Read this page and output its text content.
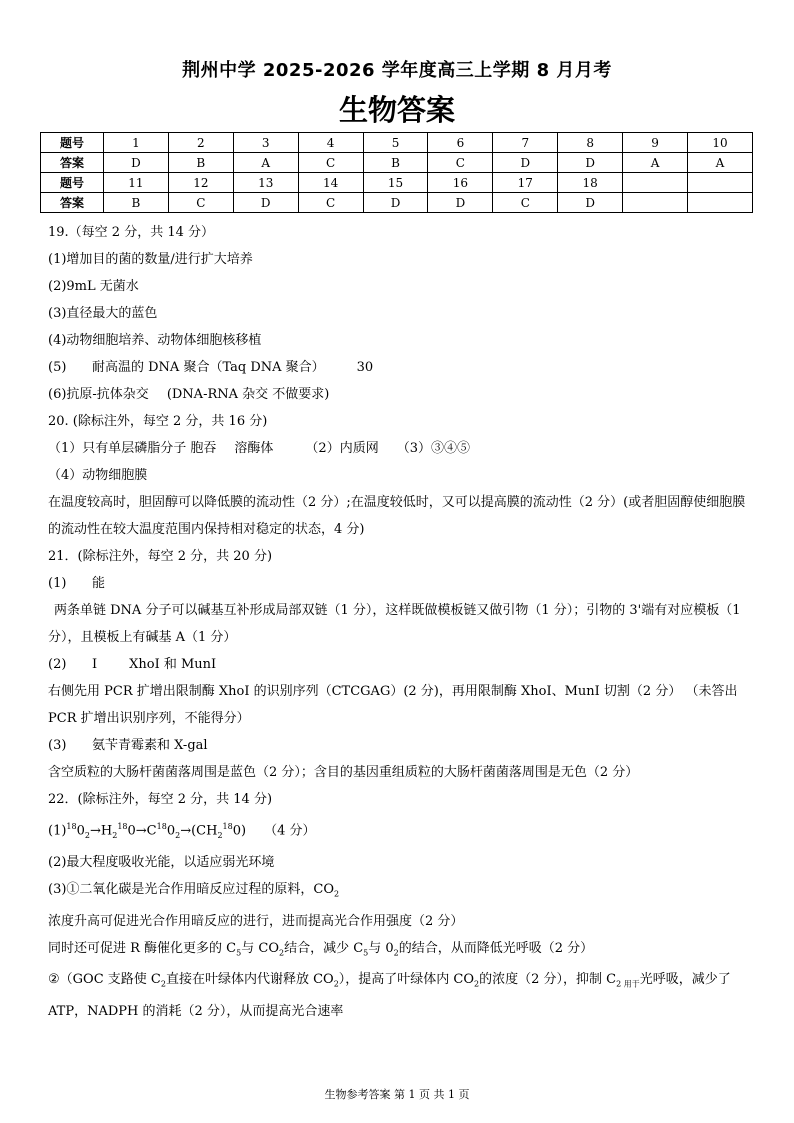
荆州中学 2025-2026 学年度高三上学期 8 月月考
生物答案
题号	1	2	3	4	5	6	7	8	9	10
答案	D	B	A	C	B	C	D	D	A	A
题号	11	12	13	14	15	16	17	18		
答案	B	C	D	C	D	D	C	D		

19.（每空 2 分，共 14 分）

(1)增加目的菌的数量/进行扩大培养

(2)9mL 无菌水

(3)直径最大的蓝色

(4)动物细胞培养、动物体细胞核移植

(5) 耐高温的 DNA 聚合（Taq DNA 聚合） 30

(6)抗原-抗体杂交 (DNA-RNA 杂交 不做要求)

20. (除标注外，每空 2 分，共 16 分)

（1）只有单层磷脂分子 胞吞 溶酶体 （2）内质网 （3）③④⑤

（4）动物细胞膜

在温度较高时，胆固醇可以降低膜的流动性（2 分）;在温度较低时，又可以提高膜的流动性（2 分）(或者胆固醇使细胞膜的流动性在较大温度范围内保持相对稳定的状态，4 分)

21．(除标注外，每空 2 分，共 20 分)

(1) 能

两条单链 DNA 分子可以碱基互补形成局部双链（1 分），这样既做模板链又做引物（1 分）；引物的 3'端有对应模板（1 分），且模板上有碱基 A（1 分）

(2) I XhoI 和 MunI

右侧先用 PCR 扩增出限制酶 XhoI 的识别序列（CTCGAG）(2 分)，再用限制酶 XhoI、MunI 切割（2 分） （未答出 PCR 扩增出识别序列，不能得分）

(3) 氨苄青霉素和 X-gal

含空质粒的大肠杆菌菌落周围是蓝色（2 分）；含目的基因重组质粒的大肠杆菌菌落周围是无色（2 分）

22．(除标注外，每空 2 分，共 14 分)

$(1)^{18}0_2\to H_2^{18}0\to C^{18}0_2\to(CH_2^{18}0)$ （4 分）

(2)最大程度吸收光能，以适应弱光环境

(3)①二氧化碳是光合作用暗反应过程的原料，$CO_2$浓度升高可促进光合作用暗反应的进行，进而提高光合作用强度（2 分）

同时还可促进 R 酶催化更多的 $C_5$与 $CO_2$结合，减少 $C_5$与 $0_2$的结合，从而降低光呼吸（2 分）

②（GOC 支路使 $C_2$直接在叶绿体内代谢释放 $CO_2$），提高了叶绿体内 $CO_2$的浓度（2 分），抑制 $C_{2 用于}$光呼吸，减少了 ATP，NADPH 的消耗（2 分），从而提高光合速率

生物参考答案 第 1 页 共 1 页
